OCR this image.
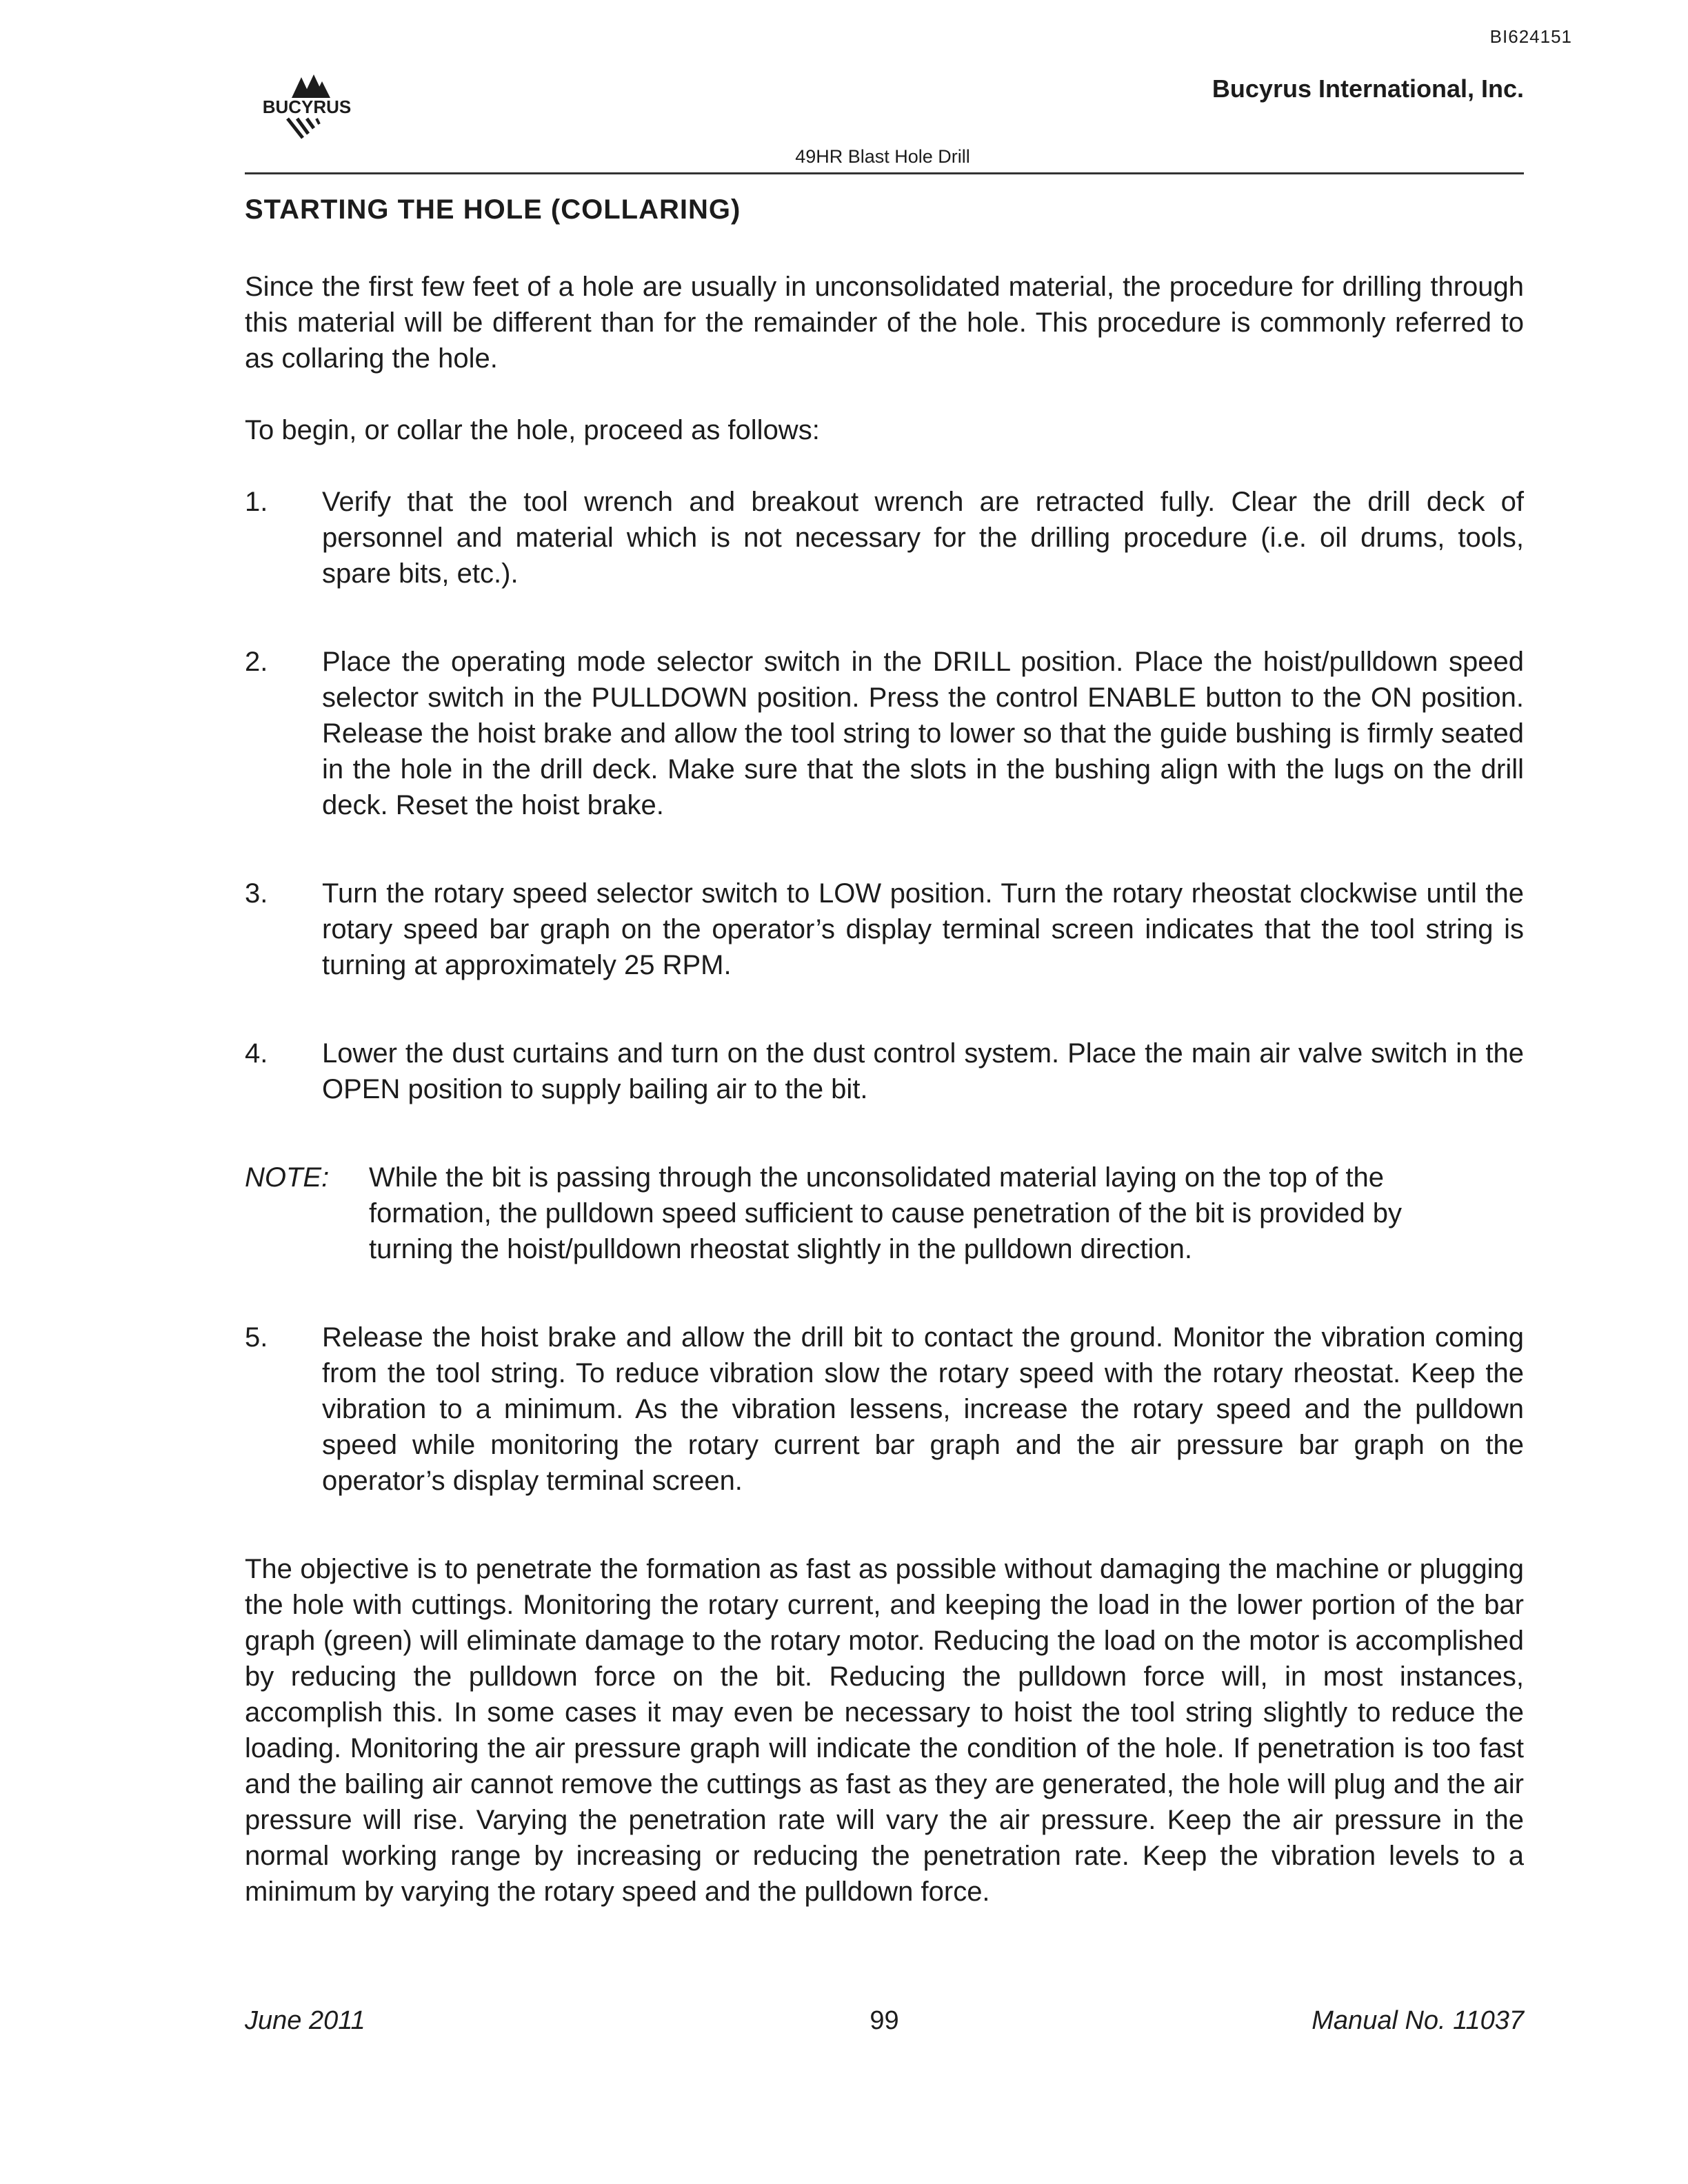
BI624151
BUCYRUS
Bucyrus International, Inc.
49HR Blast Hole Drill
STARTING THE HOLE (COLLARING)

Since the first few feet of a hole are usually in unconsolidated material, the procedure for drilling through this material will be different than for the remainder of the hole. This procedure is commonly referred to as collaring the hole.

To begin, or collar the hole, proceed as follows:

1.	Verify that the tool wrench and breakout wrench are retracted fully. Clear the drill deck of personnel and material which is not necessary for the drilling procedure (i.e. oil drums, tools, spare bits, etc.).
2.	Place the operating mode selector switch in the DRILL position. Place the hoist/pulldown speed selector switch in the PULLDOWN position. Press the control ENABLE button to the ON position. Release the hoist brake and allow the tool string to lower so that the guide bushing is firmly seated in the hole in the drill deck. Make sure that the slots in the bushing align with the lugs on the drill deck. Reset the hoist brake.
3.	Turn the rotary speed selector switch to LOW position. Turn the rotary rheostat clockwise until the rotary speed bar graph on the operator’s display terminal screen indicates that the tool string is turning at approximately 25 RPM.
4.	Lower the dust curtains and turn on the dust control system. Place the main air valve switch in the OPEN position to supply bailing air to the bit.
NOTE:	While the bit is passing through the unconsolidated material laying on the top of the formation, the pulldown speed sufficient to cause penetration of the bit is provided by turning the hoist/pulldown rheostat slightly in the pulldown direction.
5.	Release the hoist brake and allow the drill bit to contact the ground. Monitor the vibration coming from the tool string. To reduce vibration slow the rotary speed with the rotary rheostat. Keep the vibration to a minimum. As the vibration lessens, increase the rotary speed and the pulldown speed while monitoring the rotary current bar graph and the air pressure bar graph on the operator’s display terminal screen.

The objective is to penetrate the formation as fast as possible without damaging the machine or plugging the hole with cuttings. Monitoring the rotary current, and keeping the load in the lower portion of the bar graph (green) will eliminate damage to the rotary motor. Reducing the load on the motor is accomplished by reducing the pulldown force on the bit. Reducing the pulldown force will, in most instances, accomplish this. In some cases it may even be necessary to hoist the tool string slightly to reduce the loading. Monitoring the air pressure graph will indicate the condition of the hole. If penetration is too fast and the bailing air cannot remove the cuttings as fast as they are generated, the hole will plug and the air pressure will rise. Varying the penetration rate will vary the air pressure. Keep the air pressure in the normal working range by increasing or reducing the penetration rate. Keep the vibration levels to a minimum by varying the rotary speed and the pulldown force.

June 2011	99	Manual No. 11037
